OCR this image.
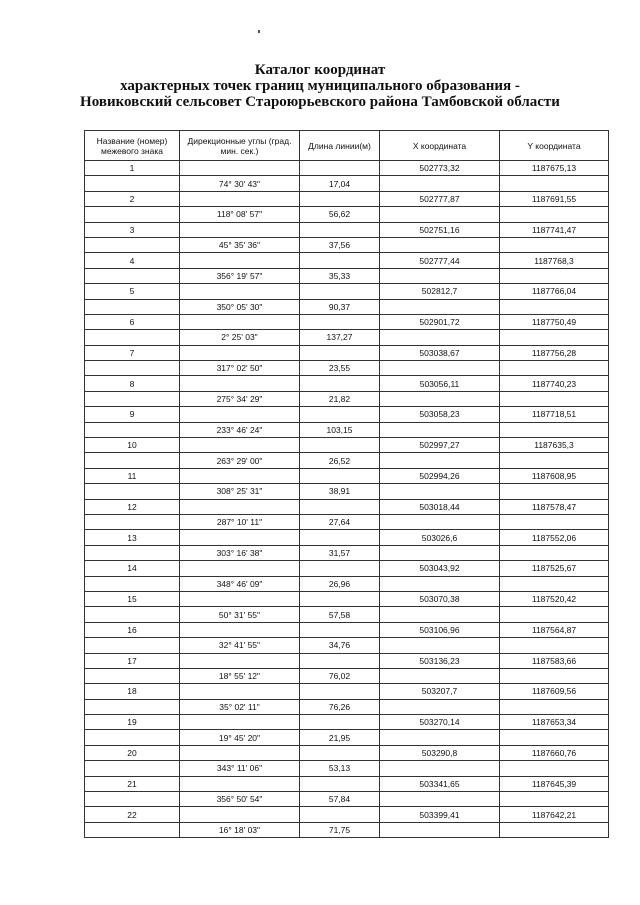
Каталог координат
характерных точек границ муниципального образования -
Новиковский сельсовет Староюрьевского района Тамбовской области
Название (номер) межевого знака	Дирекционные углы (град. мин. сек.)	Длина линии(м)	X координата	Y координата
1			502773,32	1187675,13
	74° 30' 43"	17,04		
2			502777,87	1187691,55
	118° 08' 57"	56,62		
3			502751,16	1187741,47
	45° 35' 36"	37,56		
4			502777,44	1187768,3
	356° 19' 57"	35,33		
5			502812,7	1187766,04
	350° 05' 30"	90,37		
6			502901,72	1187750,49
	2° 25' 03"	137,27		
7			503038,67	1187756,28
	317° 02' 50"	23,55		
8			503056,11	1187740,23
	275° 34' 29"	21,82		
9			503058,23	1187718,51
	233° 46' 24"	103,15		
10			502997,27	1187635,3
	263° 29' 00"	26,52		
11			502994,26	1187608,95
	308° 25' 31"	38,91		
12			503018,44	1187578,47
	287° 10' 11"	27,64		
13			503026,6	1187552,06
	303° 16' 38"	31,57		
14			503043,92	1187525,67
	348° 46' 09"	26,96		
15			503070,38	1187520,42
	50° 31' 55"	57,58		
16			503106,96	1187564,87
	32° 41' 55"	34,76		
17			503136,23	1187583,66
	18° 55' 12"	76,02		
18			503207,7	1187609,56
	35° 02' 11"	76,26		
19			503270,14	1187653,34
	19° 45' 20"	21,95		
20			503290,8	1187660,76
	343° 11' 06"	53,13		
21			503341,65	1187645,39
	356° 50' 54"	57,84		
22			503399,41	1187642,21
	16° 18' 03"	71,75		
